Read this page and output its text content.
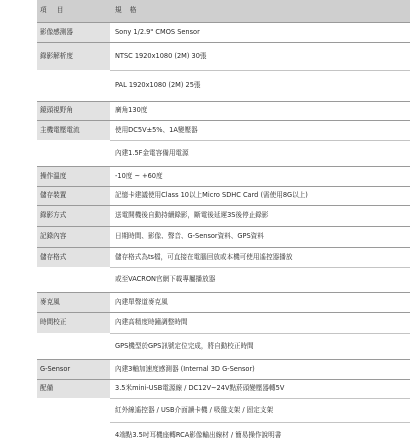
項 目	規 格
影像感測器	Sony 1/2.9" CMOS Sensor
錄影解析度	NTSC 1920x1080 (2M) 30張
	PAL 1920x1080 (2M) 25張
鏡頭視野角	廣角130度
主機電壓電流	使用DC5V±5%、1A變壓器
	內建1.5F金電容備用電源
操作溫度	-10度 ~ +60度
儲存裝置	記憶卡建議使用Class 10以上Micro SDHC Card (需使用8G以上)
錄影方式	送電開機後自動持續錄影，斷電後延遲3S後停止錄影
記錄內容	日期時間、影像、聲音、G-Sensor資料、GPS資料
儲存格式	儲存格式為ts檔，可直接在電腦回放或本機可使用遙控器播放
	或至VACRON官網下載專屬播放器
麥克風	內建單聲道麥克風
時間校正	內建高精度時鐘調整時間
	GPS機型於GPS訊號定位完成，將自動校正時間
G-Sensor	內建3軸加速度感測器 (Internal 3D G-Sensor)
配備	3.5米mini-USB電源線 / DC12V~24V點菸頭變壓器轉5V
	紅外線遙控器 / USB介面讀卡機 / 吸盤支架 / 固定支架
	4端點3.5吋耳機座轉RCA影像輸出線材 / 簡易操作說明書
